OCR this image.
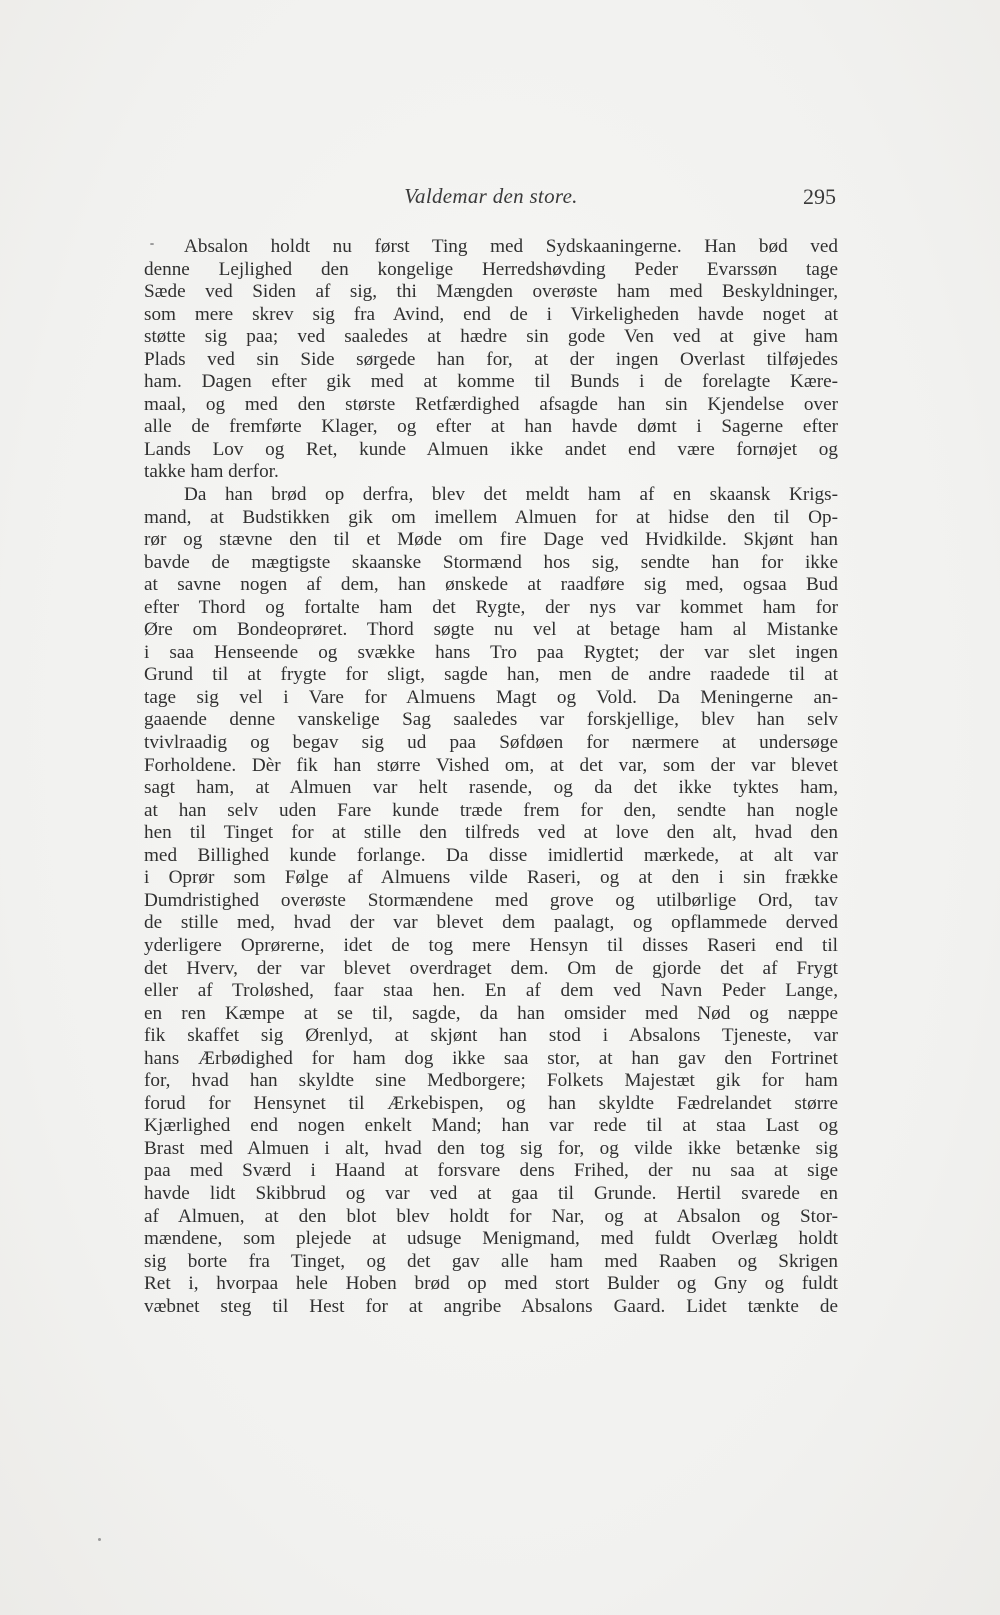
Valdemar den store.	295
Absalon holdt nu først Ting med Sydskaaningerne. Han bød ved
denne Lejlighed den kongelige Herredshøvding Peder Evarssøn tage
Sæde ved Siden af sig, thi Mængden overøste ham med Beskyldninger,
som mere skrev sig fra Avind, end de i Virkeligheden havde noget at
støtte sig paa; ved saaledes at hædre sin gode Ven ved at give ham
Plads ved sin Side sørgede han for, at der ingen Overlast tilføjedes
ham. Dagen efter gik med at komme til Bunds i de forelagte Kære-
maal, og med den største Retfærdighed afsagde han sin Kjendelse over
alle de fremførte Klager, og efter at han havde dømt i Sagerne efter
Lands Lov og Ret, kunde Almuen ikke andet end være fornøjet og
takke ham derfor.
Da han brød op derfra, blev det meldt ham af en skaansk Krigs-
mand, at Budstikken gik om imellem Almuen for at hidse den til Op-
rør og stævne den til et Møde om fire Dage ved Hvidkilde. Skjønt han
bavde de mægtigste skaanske Stormænd hos sig, sendte han for ikke
at savne nogen af dem, han ønskede at raadføre sig med, ogsaa Bud
efter Thord og fortalte ham det Rygte, der nys var kommet ham for
Øre om Bondeoprøret. Thord søgte nu vel at betage ham al Mistanke
i saa Henseende og svække hans Tro paa Rygtet; der var slet ingen
Grund til at frygte for sligt, sagde han, men de andre raadede til at
tage sig vel i Vare for Almuens Magt og Vold. Da Meningerne an-
gaaende denne vanskelige Sag saaledes var forskjellige, blev han selv
tvivlraadig og begav sig ud paa Søfdøen for nærmere at undersøge
Forholdene. Dèr fik han større Vished om, at det var, som der var blevet
sagt ham, at Almuen var helt rasende, og da det ikke tyktes ham,
at han selv uden Fare kunde træde frem for den, sendte han nogle
hen til Tinget for at stille den tilfreds ved at love den alt, hvad den
med Billighed kunde forlange. Da disse imidlertid mærkede, at alt var
i Oprør som Følge af Almuens vilde Raseri, og at den i sin frække
Dumdristighed overøste Stormændene med grove og utilbørlige Ord, tav
de stille med, hvad der var blevet dem paalagt, og opflammede derved
yderligere Oprørerne, idet de tog mere Hensyn til disses Raseri end til
det Hverv, der var blevet overdraget dem. Om de gjorde det af Frygt
eller af Troløshed, faar staa hen. En af dem ved Navn Peder Lange,
en ren Kæmpe at se til, sagde, da han omsider med Nød og næppe
fik skaffet sig Ørenlyd, at skjønt han stod i Absalons Tjeneste, var
hans Ærbødighed for ham dog ikke saa stor, at han gav den Fortrinet
for, hvad han skyldte sine Medborgere; Folkets Majestæt gik for ham
forud for Hensynet til Ærkebispen, og han skyldte Fædrelandet større
Kjærlighed end nogen enkelt Mand; han var rede til at staa Last og
Brast med Almuen i alt, hvad den tog sig for, og vilde ikke betænke sig
paa med Sværd i Haand at forsvare dens Frihed, der nu saa at sige
havde lidt Skibbrud og var ved at gaa til Grunde. Hertil svarede en
af Almuen, at den blot blev holdt for Nar, og at Absalon og Stor-
mændene, som plejede at udsuge Menigmand, med fuldt Overlæg holdt
sig borte fra Tinget, og det gav alle ham med Raaben og Skrigen
Ret i, hvorpaa hele Hoben brød op med stort Bulder og Gny og fuldt
væbnet steg til Hest for at angribe Absalons Gaard. Lidet tænkte de
